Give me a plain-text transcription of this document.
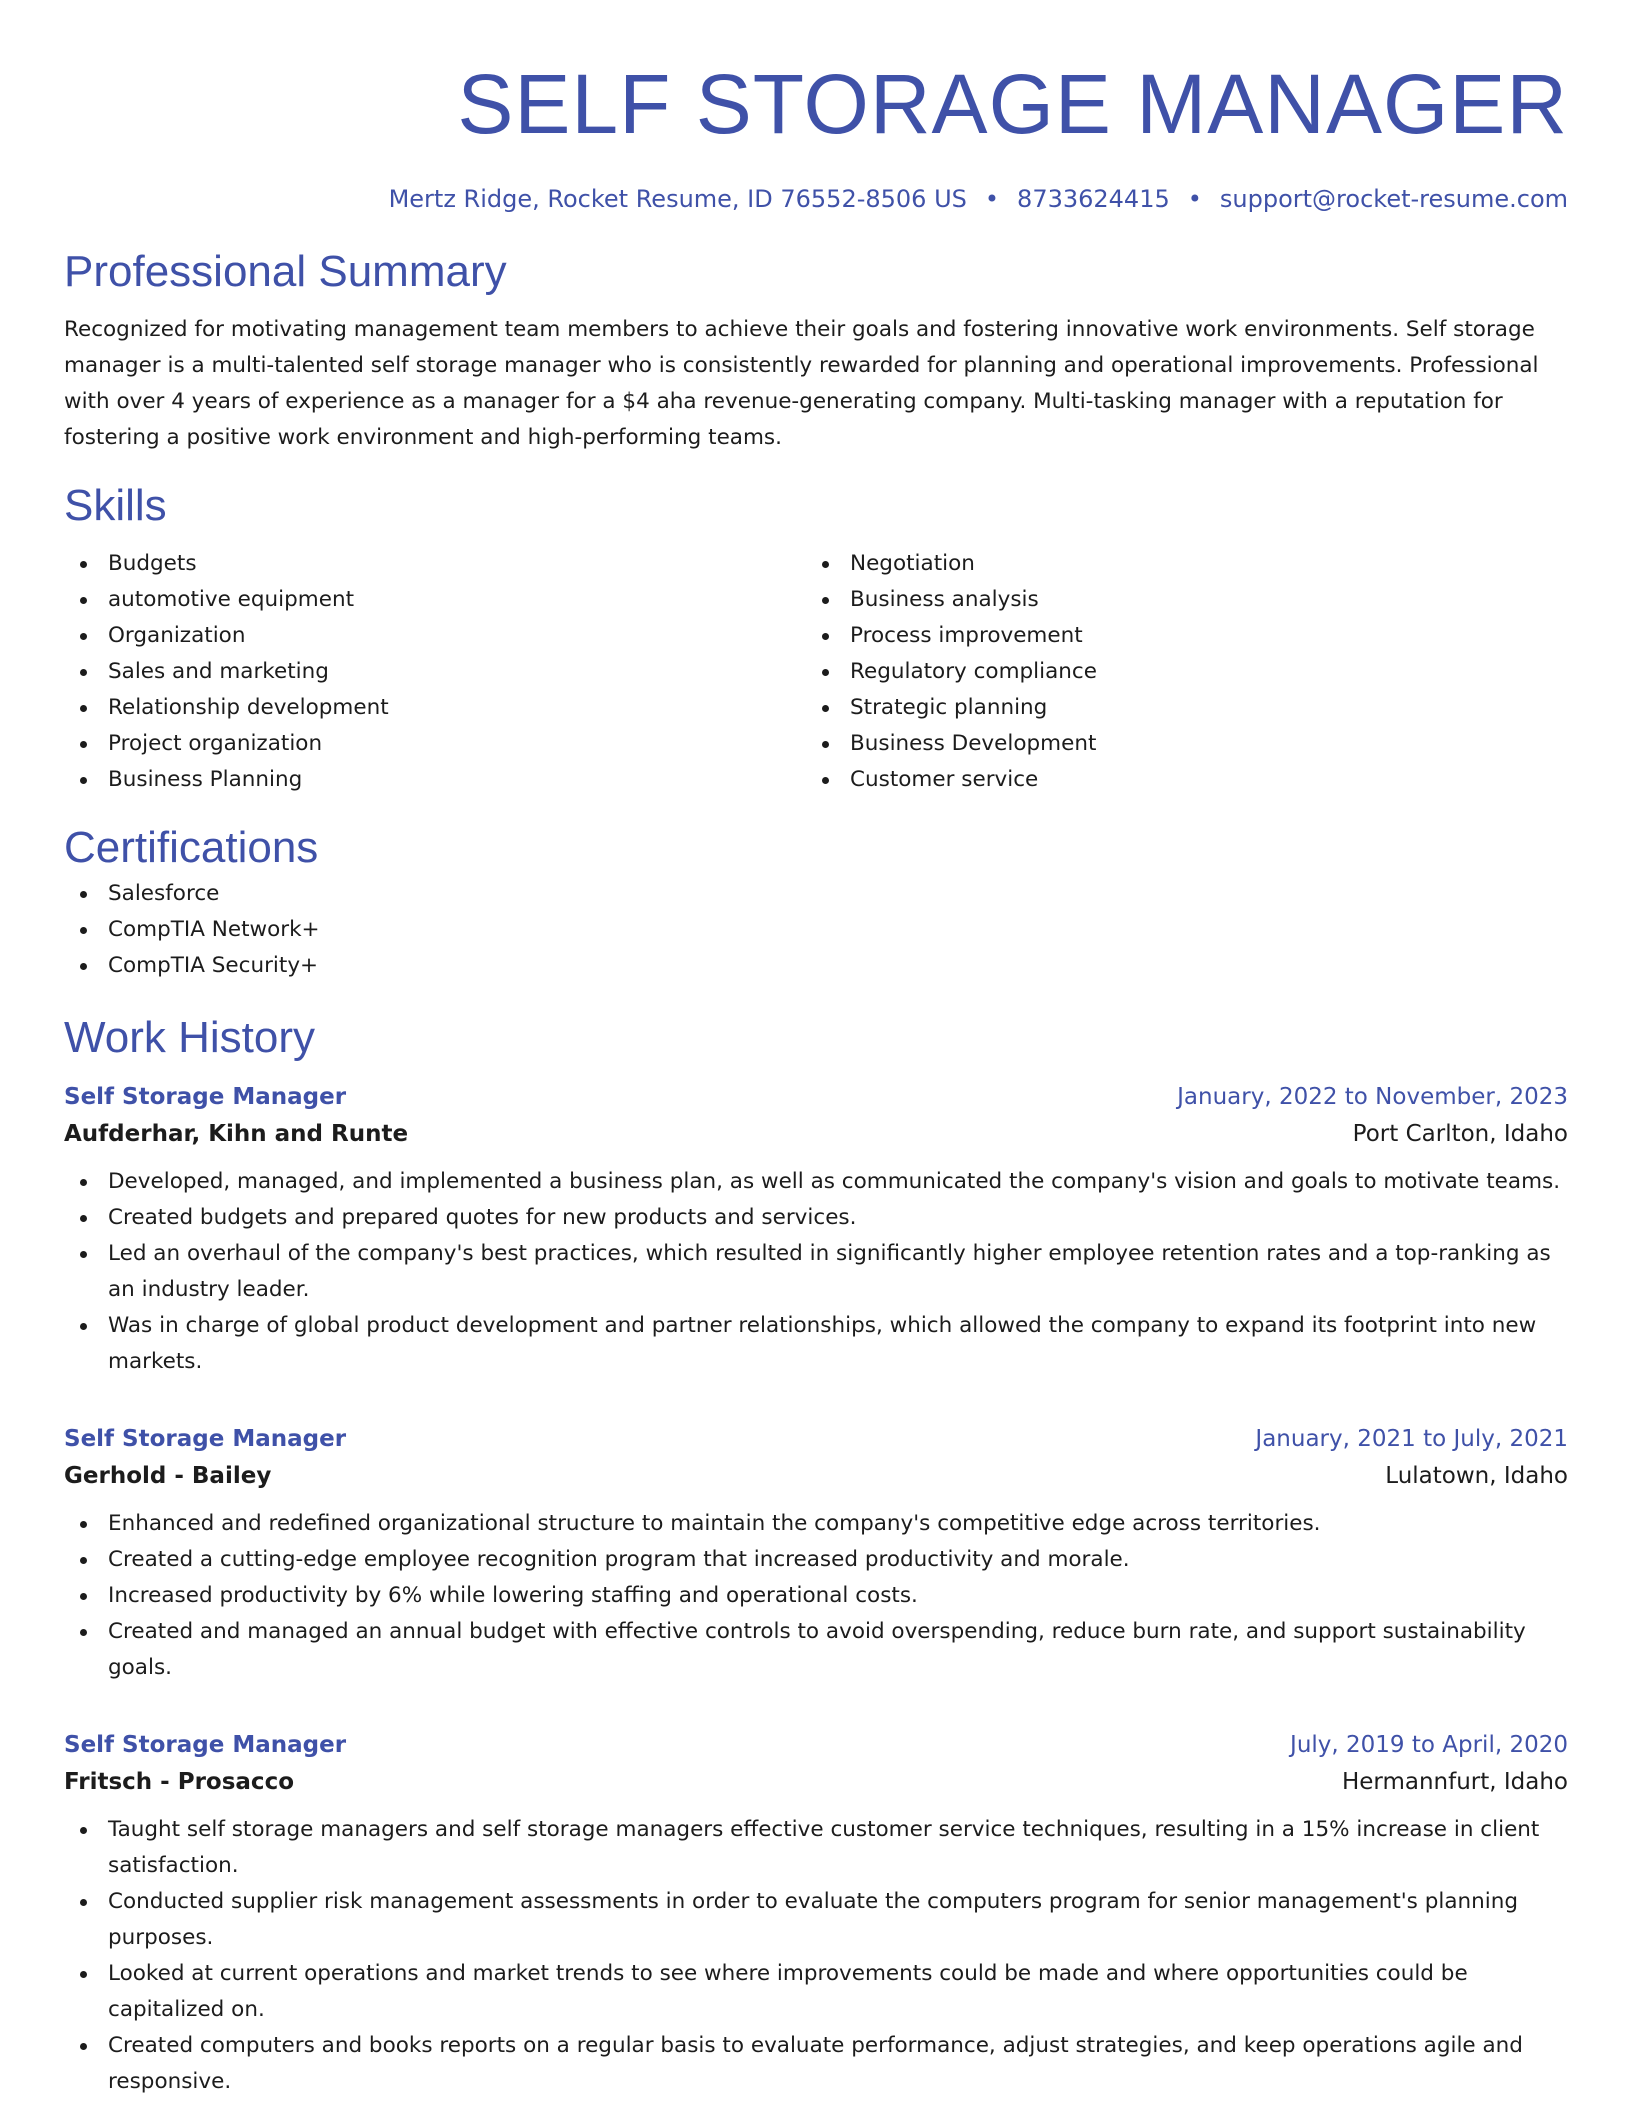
SELF STORAGE MANAGER
Mertz Ridge, Rocket Resume, ID 76552-8506 US • 8733624415 • support@rocket-resume.com
Professional Summary

Recognized for motivating management team members to achieve their goals and fostering innovative work environments. Self storage manager is a multi-talented self storage manager who is consistently rewarded for planning and operational improvements. Professional with over 4 years of experience as a manager for a $4 aha revenue-generating company. Multi-tasking manager with a reputation for fostering a positive work environment and high-performing teams.

Skills
Budgets
automotive equipment
Organization
Sales and marketing
Relationship development
Project organization
Business Planning
Negotiation
Business analysis
Process improvement
Regulatory compliance
Strategic planning
Business Development
Customer service
Certifications
Salesforce
CompTIA Network+
CompTIA Security+
Work History
Self Storage Manager	January, 2022 to November, 2023
Aufderhar, Kihn and Runte	Port Carlton, Idaho
Developed, managed, and implemented a business plan, as well as communicated the company's vision and goals to motivate teams.
Created budgets and prepared quotes for new products and services.
Led an overhaul of the company's best practices, which resulted in significantly higher employee retention rates and a top-ranking as an industry leader.
Was in charge of global product development and partner relationships, which allowed the company to expand its footprint into new markets.
Self Storage Manager	January, 2021 to July, 2021
Gerhold - Bailey	Lulatown, Idaho
Enhanced and redefined organizational structure to maintain the company's competitive edge across territories.
Created a cutting-edge employee recognition program that increased productivity and morale.
Increased productivity by 6% while lowering staffing and operational costs.
Created and managed an annual budget with effective controls to avoid overspending, reduce burn rate, and support sustainability goals.
Self Storage Manager	July, 2019 to April, 2020
Fritsch - Prosacco	Hermannfurt, Idaho
Taught self storage managers and self storage managers effective customer service techniques, resulting in a 15% increase in client satisfaction.
Conducted supplier risk management assessments in order to evaluate the computers program for senior management's planning purposes.
Looked at current operations and market trends to see where improvements could be made and where opportunities could be capitalized on.
Created computers and books reports on a regular basis to evaluate performance, adjust strategies, and keep operations agile and responsive.
